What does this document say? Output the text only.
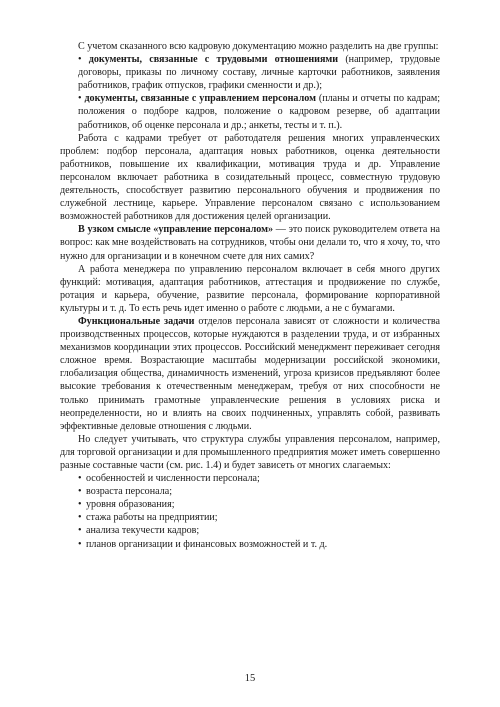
С учетом сказанного всю кадровую документацию можно разделить на две группы:

• документы, связанные с трудовыми отношениями (например, трудовые договоры, приказы по личному составу, личные карточки работников, заявления работников, график отпусков, графики сменности и др.);

• документы, связанные с управлением персоналом (планы и отчеты по кадрам; положения о подборе кадров, положение о кадровом резерве, об адаптации работников, об оценке персонала и др.; анкеты, тесты и т. п.).

Работа с кадрами требует от работодателя решения многих управленческих проблем: подбор персонала, адаптация новых работников, оценка деятельности работников, повышение их квалификации, мотивация труда и др. Управление персоналом включает работника в созидательный процесс, совместную трудовую деятельность, способствует развитию персонального обучения и продвижения по служебной лестнице, карьере. Управление персоналом связано с использованием возможностей работников для достижения целей организации.

В узком смысле «управление персоналом» — это поиск руководителем ответа на вопрос: как мне воздействовать на сотрудников, чтобы они делали то, что я хочу, то, что нужно для организации и в конечном счете для них самих?

А работа менеджера по управлению персоналом включает в себя много других функций: мотивация, адаптация работников, аттестация и продвижение по службе, ротация и карьера, обучение, развитие персонала, формирование корпоративной культуры и т. д. То есть речь идет именно о работе с людьми, а не с бумагами.

Функциональные задачи отделов персонала зависят от сложности и количества производственных процессов, которые нуждаются в разделении труда, и от избранных механизмов координации этих процессов. Российский менеджмент переживает сегодня сложное время. Возрастающие масштабы модернизации российской экономики, глобализация общества, динамичность изменений, угроза кризисов предъявляют более высокие требования к отечественным менеджерам, требуя от них способности не только принимать грамотные управленческие решения в условиях риска и неопределенности, но и влиять на своих подчиненных, управлять собой, развивать эффективные деловые отношения с людьми.

Но следует учитывать, что структура службы управления персоналом, например, для торговой организации и для промышленного предприятия может иметь совершенно разные составные части (см. рис. 1.4) и будет зависеть от многих слагаемых:

• особенностей и численности персонала;
• возраста персонала;
• уровня образования;
• стажа работы на предприятии;
• анализа текучести кадров;
• планов организации и финансовых возможностей и т. д.
15
